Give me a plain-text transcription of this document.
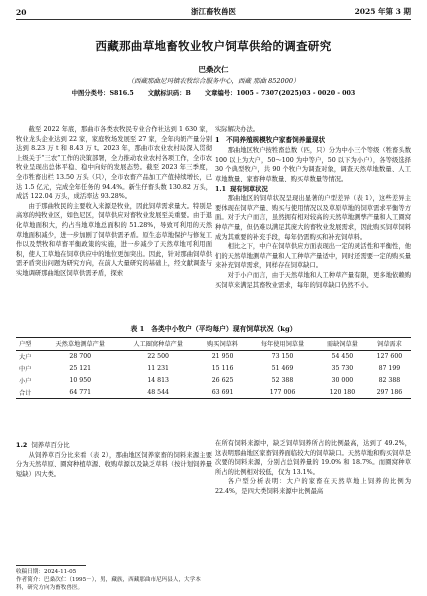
20	浙江畜牧兽医	2025 年第 3 期
西藏那曲草地畜牧业牧户饲草供给的调查研究
巴桑次仁
（西藏那曲尼玛镇农牧综合服务中心，西藏 那曲 852000）
中图分类号：S816.5 文献标识码：B 文章编号：1005 - 7307(2025)03 - 0020 - 003

截至 2022 年底，那曲市各类农牧民专业合作社达到 1 630 家，牧业龙头企业达到 22 家，家庭牧场发展至 27 家，全年肉奶产量分别达到 8.23 万 t 和 8.43 万 t。2023 年，那曲市农业农村局深入贯彻上级关于“三农”工作的决策部署，全力推动农业农村各项工作，全市农牧业呈现出总体平稳、稳中向好的发展态势。截至 2023 年三季度，全市牲畜出栏 13.50 万头（只），全市农畜产品加工产值持续增长，已达 1.5 亿元，完成全年任务的 94.4%。新生仔畜头数 130.82 万头，成活 122.04 万头，成活率达 93.28%。

由于那曲牧民的主要收入来源是牧业，因此饲草需求量大。特别是高寒的纯牧业区，如色尼区，饲草供应对畜牧业发展至关重要。由于退化草地面积大，约占当地草地总面积的 51.28%，导致可利用的天然草地面积减少，进一步加剧了饲草供需矛盾。原生态草地保护与修复工作以及禁牧和草畜平衡政策的实施，进一步减少了天然草地可利用面积，使人工草地在饲草供应中的地位更加突出。因此，针对那曲饲草供需矛盾突出问题为研究方向，在前人大量研究的基础上，经文献调查与实地调研那曲地区饲草供需矛盾，探索

实际解决办法。

1　不同养殖规模牧户家畜饲养量现状

那曲地区牧户按牲畜总数（匹，只）分为中小三个等级（牲畜头数 100 以上为大户，50～100 为中等户，50 以下为小户），各等级选择 30 个典型牧户，共 90 个牧户为调查对象，调查天然草地数量、人工草地数量、家畜种草数量、购买草数量等情况。

1.1 现有饲草状况

那曲地区的饲草状况呈现出显著的户型差异（表 1），这些差异主要体现在饲草产量、购买与使用情况以及草原草地的饲草需求平衡等方面。对于大户而言，虽然拥有相对较高的天然草地测孳产量和人工圈窝种草产量，但仍难以满足其庞大的畜牧业发展需求，因此购买饲草饲料成为其重要的补充手段，每年仍需购买和补充饲草料。

相比之下，中户在饲草供应方面表现出一定的灵活性和平衡性，他们的天然草地测草产量和人工种草产量适中，同时还需要一定的购买量来补充饲草需求，同样存在饲草缺口。

对于小户而言，由于天然草地和人工种草产量有限，更多地依赖购买饲草来满足其畜牧业需求，每年的饲草缺口仍然不小。

表 1　各类中小牧户（平均每户）现有饲草状况（kg）
户型	天然草地测草产量	人工圈窝种草产量	购买饲草料	每年使用饲草量	需缺饲草量	饲草需求
大户	28 700	22 500	21 950	73 150	54 450	127 600
中户	25 121	11 231	15 116	51 469	35 730	87 199
小户	10 950	14 813	26 625	52 388	30 000	82 388
合计	64 771	48 544	63 691	177 006	120 180	297 186

1.2 饲养草百分比

从饲养草百分比来看（表 2），那曲地区饲养家畜的饲料来源主要分为天然草原、圈窝种植草源、收购草源以及缺乏草料（按计划饲养量短缺）四大类。

在所有饲料来源中，缺乏饲草饲养所占的比例最高，达到了 49.2%，这表明那曲地区家畜饲养面临较大的饲草缺口。天然草地和购买饲草是次要的饲料来源，分别占总饲养量的 19.0% 和 18.7%。而圈窝种草所占的比例相对较低，仅为 13.1%。

各户型分析表明：大户的家畜在天然草地上饲养的比例为 22.4%，是四大类饲料来源中比例最高

收稿日期：2024-11-05
作者简介：巴桑次仁（1995－），男，藏族，西藏那曲市尼玛县人，大学本科，研究方向为畜牧兽医。
